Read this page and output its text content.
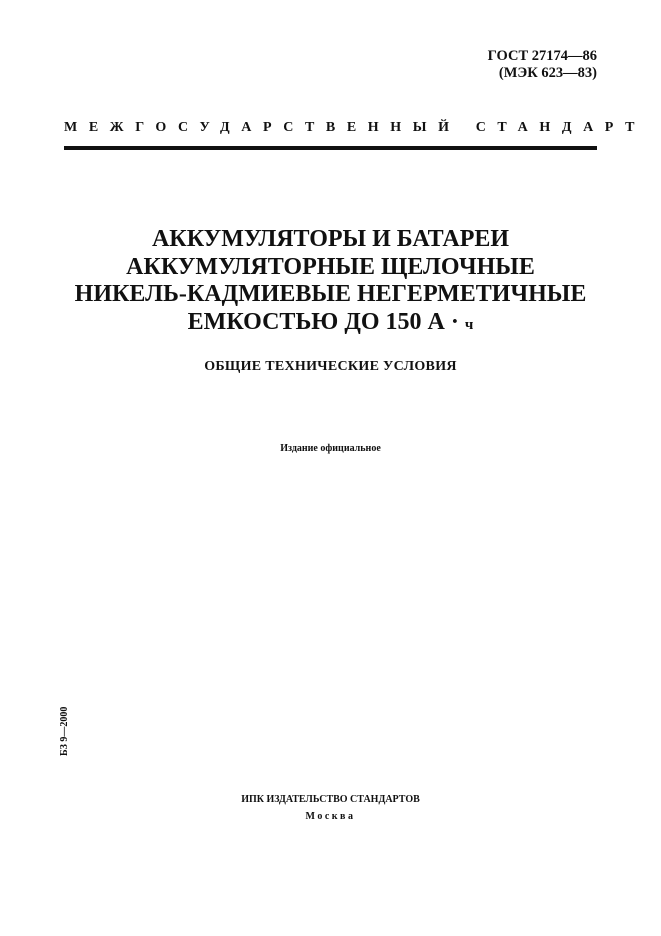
ГОСТ 27174—86
(МЭК 623—83)
МЕЖГОСУДАРСТВЕННЫЙ СТАНДАРТ
АККУМУЛЯТОРЫ И БАТАРЕИ
АККУМУЛЯТОРНЫЕ ЩЕЛОЧНЫЕ
НИКЕЛЬ-КАДМИЕВЫЕ НЕГЕРМЕТИЧНЫЕ
ЕМКОСТЬЮ ДО 150 А · ч
ОБЩИЕ ТЕХНИЧЕСКИЕ УСЛОВИЯ
Издание официальное
БЗ 9—2000
ИПК ИЗДАТЕЛЬСТВО СТАНДАРТОВ
Москва
